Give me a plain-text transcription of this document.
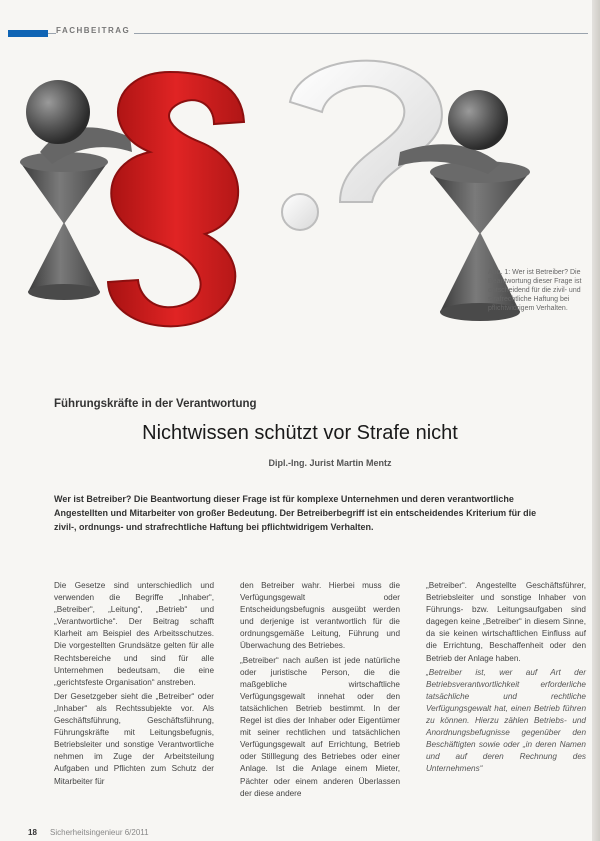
FACHBEITRAG
Abb. 1: Wer ist Betreiber? Die Beantwortung dieser Frage ist entscheidend für die zivil- und strafrechtliche Haftung bei pflichtwidrigem Verhalten.
Führungskräfte in der Verantwortung
Nichtwissen schützt vor Strafe nicht
Dipl.-Ing. Jurist Martin Mentz
Wer ist Betreiber? Die Beantwortung dieser Frage ist für komplexe Unternehmen und deren verantwortliche Angestellten und Mitarbeiter von großer Bedeutung. Der Betreiberbegriff ist ein entscheidendes Kriterium für die zivil-, ordnungs- und strafrechtliche Haftung bei pflichtwidrigem Verhalten.

Die Gesetze sind unterschiedlich und verwenden die Begriffe „Inhaber“, „Betreiber“, „Leitung“, „Betrieb“ und „Verantwortliche“. Der Beitrag schafft Klarheit am Beispiel des Arbeitsschutzes. Die vorgestellten Grundsätze gelten für alle Rechtsbereiche und sind für alle Unternehmen bedeutsam, die eine „gerichtsfeste Organisation“ anstreben.

Der Gesetzgeber sieht die „Betreiber“ oder „Inhaber“ als Rechtssubjekte vor. Als Geschäftsführung, Geschäftsführung, Führungskräfte mit Leitungsbefugnis, Betriebsleiter und sonstige Verantwortliche nehmen im Zuge der Arbeitsteilung Aufgaben und Pflichten zum Schutz der Mitarbeiter für

den Betreiber wahr. Hierbei muss die Verfügungsgewalt oder Entscheidungsbefugnis ausgeübt werden und derjenige ist verantwortlich für die ordnungsgemäße Leitung, Führung und Überwachung des Betriebes.

„Betreiber“ nach außen ist jede natürliche oder juristische Person, die die maßgebliche wirtschaftliche Verfügungsgewalt innehat oder den tatsächlichen Betrieb bestimmt. In der Regel ist dies der Inhaber oder Eigentümer mit seiner rechtlichen und tatsächlichen Verfügungsgewalt auf Errichtung, Betrieb oder Stilllegung des Betriebes oder einer Anlage. Ist die Anlage einem Mieter, Pächter oder einem anderen Überlassen der diese andere

„Betreiber“. Angestellte Geschäftsführer, Betriebsleiter und sonstige Inhaber von Führungs- bzw. Leitungsaufgaben sind dagegen keine „Betreiber“ in diesem Sinne, da sie keinen wirtschaftlichen Einfluss auf die Errichtung, Beschaffenheit oder den Betrieb der Anlage haben.

„Betreiber ist, wer auf Art der Betriebsverantwortlichkeit erforderliche tatsächliche und rechtliche Verfügungsgewalt hat, einen Betrieb führen zu können. Hierzu zählen Betriebs- und Anordnungsbefugnisse gegenüber den Beschäftigten sowie oder „in deren Namen und auf deren Rechnung des Unternehmens“

18 Sicherheitsingenieur 6/2011
